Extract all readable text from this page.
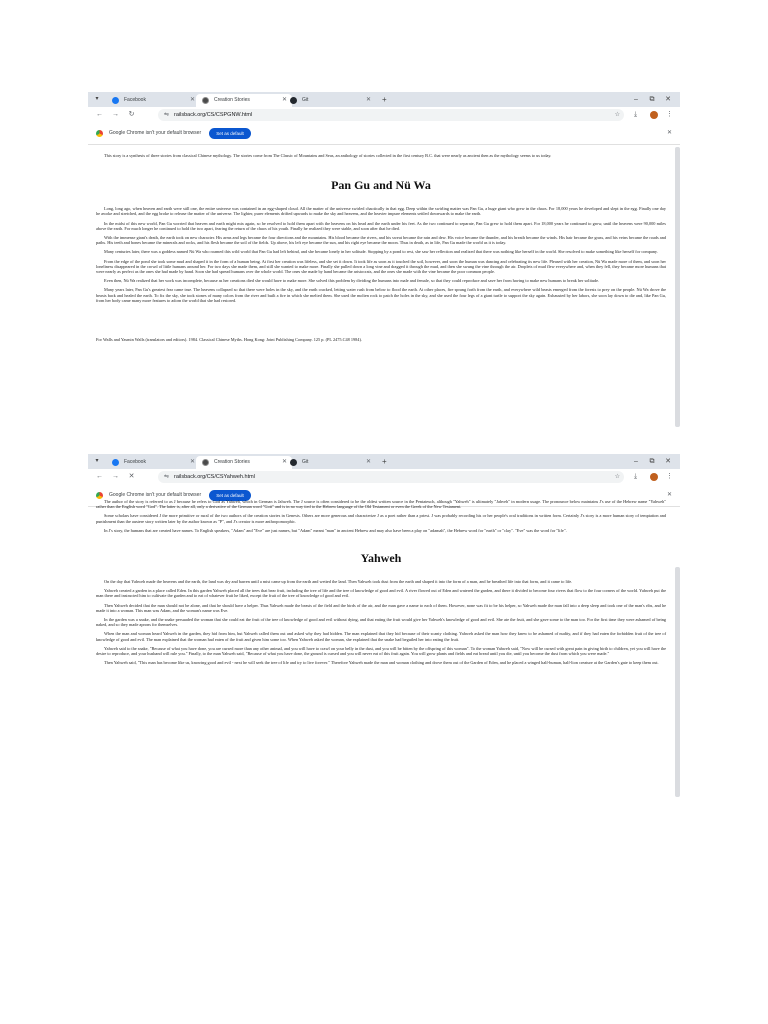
▾	Facebook	✕	Creation Stories	✕	Git	✕ +	–	⧉	✕
← →	↻	⇋ railsback.org/CS/CSPGNW.html	☆ ⤓	⋮
Google Chrome isn't your default browser	Set as default	✕

This story is a synthesis of three stories from classical Chinese mythology. The stories come from The Classic of Mountains and Seas, an anthology of stories collected in the first century B.C. that were nearly as ancient then as the mythology seems to us today.

Pan Gu and Nü Wa

Long, long ago, when heaven and earth were still one, the entire universe was contained in an egg-shaped cloud. All the matter of the universe swirled chaotically in that egg. Deep within the swirling matter was Pan Gu, a huge giant who grew in the chaos. For 18,000 years he developed and slept in the egg. Finally one day he awoke and stretched, and the egg broke to release the matter of the universe. The lighter, purer elements drifted upwards to make the sky and heavens, and the heavier impure elements settled downwards to make the earth.

In the midst of this new world, Pan Gu worried that heaven and earth might mix again, so he resolved to hold them apart with the heavens on his head and the earth under his feet. As the two continued to separate, Pan Gu grew to hold them apart. For 18,000 years he continued to grow, until the heavens were 90,000 miles above the earth. For much longer he continued to hold the two apart, fearing the return of the chaos of his youth. Finally he realized they were stable, and soon after that he died.

With the immense giant's death, the earth took on new character. His arms and legs became the four directions and the mountains. His blood became the rivers, and his sweat became the rain and dew. His voice became the thunder, and his breath became the winds. His hair became the grass, and his veins became the roads and paths. His teeth and bones became the minerals and rocks, and his flesh became the soil of the fields. Up above, his left eye became the sun, and his right eye became the moon. Thus in death, as in life, Pan Gu made the world as it is today.

Many centuries later, there was a goddess named Nü Wa who roamed this wild world that Pan Gu had left behind, and she became lonely in her solitude. Stopping by a pond to rest, she saw her reflection and realized that there was nothing like herself in the world. She resolved to make something like herself for company.

From the edge of the pond she took some mud and shaped it in the form of a human being. At first her creation was lifeless, and she set it down. It took life as soon as it touched the soil, however, and soon the human was dancing and celebrating its new life. Pleased with her creation, Nü Wa made more of them, and soon her loneliness disappeared in the crowd of little humans around her. For two days she made them, and still she wanted to make more. Finally she pulled down a long vine and dragged it through the mud, and then she swung the vine through the air. Droplets of mud flew everywhere and, when they fell, they became more humans that were nearly as perfect as the ones she had made by hand. Soon she had spread humans over the whole world. The ones she made by hand became the aristocrats, and the ones she made with the vine became the poor common people.

Even then, Nü Wa realized that her work was incomplete, because as her creations died she would have to make more. She solved this problem by dividing the humans into male and female, so that they could reproduce and save her from having to make new humans to break her solitude.

Many years later, Pan Gu's greatest fear came true. The heavens collapsed so that there were holes in the sky, and the earth cracked, letting water rush from below to flood the earth. At other places, fire sprang forth from the earth, and everywhere wild beasts emerged from the forests to prey on the people. Nü Wa drove the beasts back and healed the earth. To fix the sky, she took stones of many colors from the river and built a fire in which she melted them. She used the molten rock to patch the holes in the sky, and she used the four legs of a giant turtle to support the sky again. Exhausted by her labors, she soon lay down to die and, like Pan Gu, from her body came many more features to adorn the world that she had restored.

For Walls and Yasmin Walls (translators and editors). 1984. Classical Chinese Myths. Hong Kong: Joint Publishing Company. 125 p. (PL 2475.C48 1984).

▾	Facebook	✕	Creation Stories	✕	Git	✕ +	–	⧉	✕
← →	✕	⇋ railsback.org/CS/CSYahweh.html	☆ ⤓	⋮
Google Chrome isn't your default browser	Set as default	✕

The author of the story is referred to as J because he refers to God as Yahweh, which in German is Jahweh. The J source is often considered to be the oldest written source in the Pentateuch, although "Yahweh" is ultimately "Jahveh" in modern usage. The pronounce below maintains J's use of the Hebrew name "Yahweh" rather than the English word "God". The latter is, after all, only a derivative of the German word "Gott" and is in no way tied to the Hebrew language of the Old Testament or even the Greek of the New Testament.

Some scholars have considered J the more primitive or rural of the two authors of the creation stories in Genesis. Others are more generous and characterize J as a poet rather than a priest. J was probably recording his or her people's oral traditions in written form. Certainly J's story is a more human story of temptation and punishment than the austere story written later by the author known as "P", and J's creator is more anthropomorphic.

In J's story, the humans that are created have names. To English speakers, "Adam" and "Eve" are just names, but "Adam" meant "man" in ancient Hebrew and may also have been a play on "adamah", the Hebrew word for "earth" or "clay". "Eve" was the word for "life".

Yahweh

On the day that Yahweh made the heavens and the earth, the land was dry and barren until a mist came up from the earth and wetted the land. Then Yahweh took dust from the earth and shaped it into the form of a man, and he breathed life into that form, and it came to life.

Yahweh created a garden in a place called Eden. In this garden Yahweh placed all the trees that bear fruit, including the tree of life and the tree of knowledge of good and evil. A river flowed out of Eden and watered the garden, and there it divided to become four rivers that flow to the four corners of the world. Yahweh put the man there and instructed him to cultivate the garden and to eat of whatever fruit he liked, except the fruit of the tree of knowledge of good and evil.

Then Yahweh decided that the man should not be alone, and that he should have a helper. Thus Yahweh made the beasts of the field and the birds of the air, and the man gave a name to each of them. However, none was fit to be his helper, so Yahweh made the man fall into a deep sleep and took one of the man's ribs, and he made it into a woman. This man was Adam, and the woman's name was Eve.

In the garden was a snake, and the snake persuaded the woman that she could eat the fruit of the tree of knowledge of good and evil without dying, and that eating the fruit would give her Yahweh's knowledge of good and evil. She ate the fruit, and she gave some to the man too. For the first time they were ashamed of being naked, and so they made aprons for themselves.

When the man and woman heard Yahweh in the garden, they hid from him, but Yahweh called them out and asked why they had hidden. The man explained that they hid because of their scanty clothing. Yahweh asked the man how they knew to be ashamed of nudity, and if they had eaten the forbidden fruit of the tree of knowledge of good and evil. The man explained that the woman had eaten of the fruit and given him some too. When Yahweh asked the woman, she explained that the snake had beguiled her into eating the fruit.

Yahweh said to the snake, "Because of what you have done, you are cursed more than any other animal, and you will have to crawl on your belly in the dust, and you will be bitten by the offspring of this woman". To the woman Yahweh said, "Now will be cursed with great pain in giving birth to children, yet you will have the desire to reproduce, and your husband will rule you." Finally, to the man Yahweh said, "Because of what you have done, the ground is cursed and you will never eat of this fruit again. You will grow plants and fields and eat bread until you die, until you become the dust from which you were made."

Then Yahweh said, "This man has become like us, knowing good and evil - next he will seek the tree of life and try to live forever." Therefore Yahweh made the man and woman clothing and drove them out of the Garden of Eden, and he placed a winged half-human, half-lion creature at the Garden's gate to keep them out.
